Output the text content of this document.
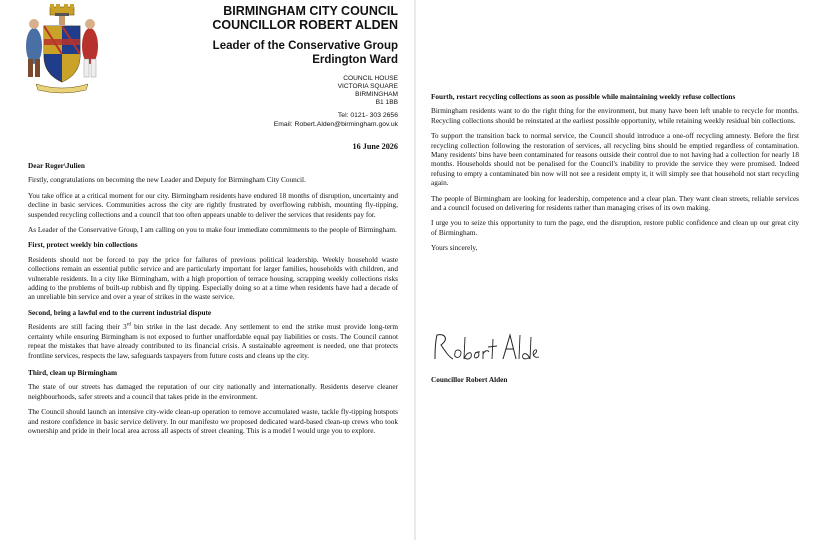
BIRMINGHAM CITY COUNCIL
COUNCILLOR ROBERT ALDEN
Leader of the Conservative Group
Erdington Ward
COUNCIL HOUSE
VICTORIA SQUARE
BIRMINGHAM
B1 1BB
Tel: 0121- 303 2656
Email: Robert.Alden@birmingham.gov.uk
16 June 2026

Dear Roger\Julien

Firstly, congratulations on becoming the new Leader and Deputy for Birmingham City Council.

You take office at a critical moment for our city. Birmingham residents have endured 18 months of disruption, uncertainty and decline in basic services. Communities across the city are rightly frustrated by overflowing rubbish, mounting fly-tipping, suspended recycling collections and a council that too often appears unable to deliver the services that residents pay for.

As Leader of the Conservative Group, I am calling on you to make four immediate commitments to the people of Birmingham.

First, protect weekly bin collections

Residents should not be forced to pay the price for failures of previous political leadership. Weekly household waste collections remain an essential public service and are particularly important for larger families, households with children, and vulnerable residents. In a city like Birmingham, with a high proportion of terrace housing, scrapping weekly collections risks adding to the problems of built-up rubbish and fly tipping. Especially doing so at a time when residents have had a decade of an unreliable bin service and over a year of strikes in the waste service.

Second, bring a lawful end to the current industrial dispute

Residents are still facing their 3rd bin strike in the last decade. Any settlement to end the strike must provide long-term certainty while ensuring Birmingham is not exposed to further unaffordable equal pay liabilities or costs. The Council cannot repeat the mistakes that have already contributed to its financial crisis. A sustainable agreement is needed, one that protects frontline services, respects the law, safeguards taxpayers from future costs and cleans up the city.

Third, clean up Birmingham

The state of our streets has damaged the reputation of our city nationally and internationally. Residents deserve cleaner neighbourhoods, safer streets and a council that takes pride in the environment.

The Council should launch an intensive city-wide clean-up operation to remove accumulated waste, tackle fly-tipping hotspots and restore confidence in basic service delivery. In our manifesto we proposed dedicated ward-based clean-up crews who took ownership and pride in their local area across all aspects of street cleaning. This is a model I would urge you to explore.

Fourth, restart recycling collections as soon as possible while maintaining weekly refuse collections

Birmingham residents want to do the right thing for the environment, but many have been left unable to recycle for months. Recycling collections should be reinstated at the earliest possible opportunity, while retaining weekly residual bin collections.

To support the transition back to normal service, the Council should introduce a one-off recycling amnesty. Before the first recycling collection following the restoration of services, all recycling bins should be emptied regardless of contamination. Many residents' bins have been contaminated for reasons outside their control due to not having had a collection for nearly 18 months. Households should not be penalised for the Council's inability to provide the service they were promised. Indeed refusing to empty a contaminated bin now will not see a resident empty it, it will simply see that household not start recycling again.

The people of Birmingham are looking for leadership, competence and a clear plan. They want clean streets, reliable services and a council focused on delivering for residents rather than managing crises of its own making.

I urge you to seize this opportunity to turn the page, end the disruption, restore public confidence and clean up our great city of Birmingham.

Yours sincerely,

Councillor Robert Alden
